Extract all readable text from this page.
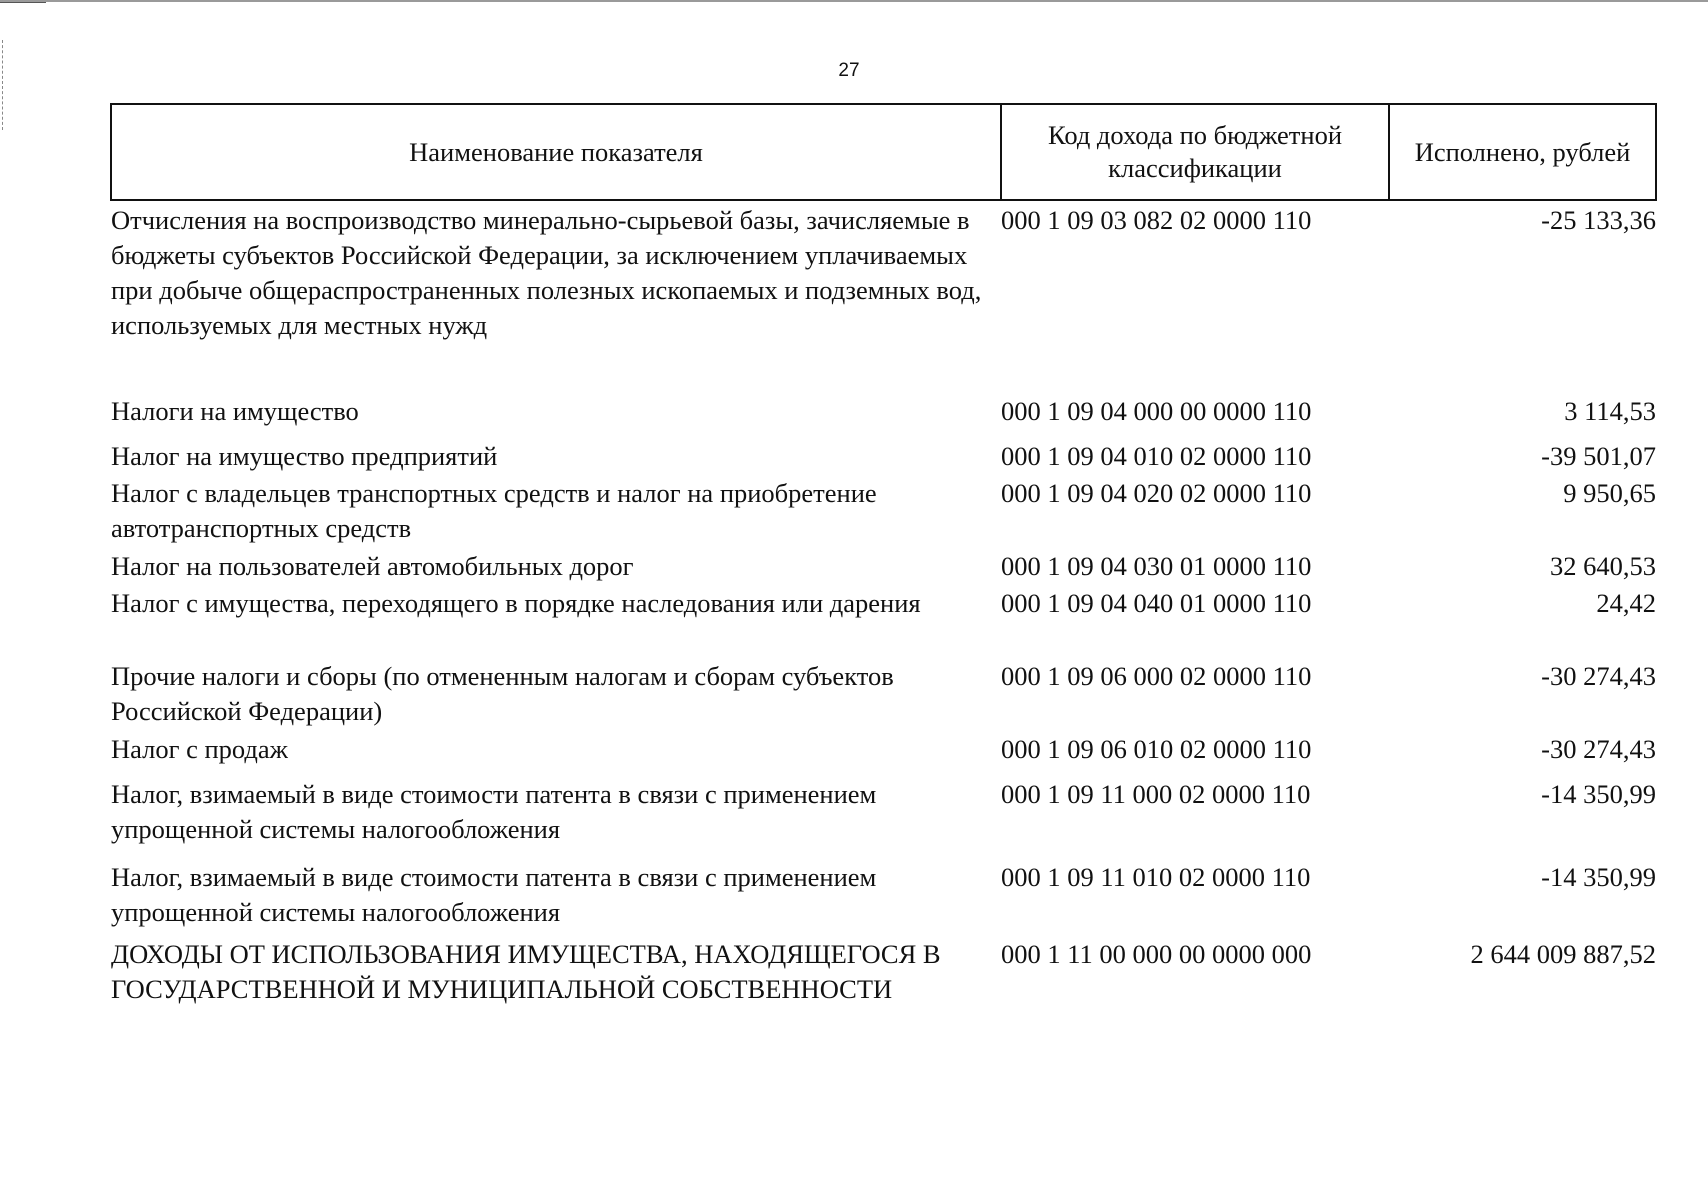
27
Наименование показателя	Код дохода по бюджетной классификации	Исполнено, рублей
Отчисления на воспроизводство минерально-сырьевой базы, зачисляемые в бюджеты субъектов Российской Федерации, за исключением уплачиваемых при добыче общераспространенных полезных ископаемых и подземных вод, используемых для местных нужд	000 1 09 03 082 02 0000 110	-25 133,36
Налоги на имущество	000 1 09 04 000 00 0000 110	3 114,53
Налог на имущество предприятий	000 1 09 04 010 02 0000 110	-39 501,07
Налог с владельцев транспортных средств и налог на приобретение автотранспортных средств	000 1 09 04 020 02 0000 110	9 950,65
Налог на пользователей автомобильных дорог	000 1 09 04 030 01 0000 110	32 640,53
Налог с имущества, переходящего в порядке наследования или дарения	000 1 09 04 040 01 0000 110	24,42
Прочие налоги и сборы (по отмененным налогам и сборам субъектов Российской Федерации)	000 1 09 06 000 02 0000 110	-30 274,43
Налог с продаж	000 1 09 06 010 02 0000 110	-30 274,43
Налог, взимаемый в виде стоимости патента в связи с применением упрощенной системы налогообложения	000 1 09 11 000 02 0000 110	-14 350,99
Налог, взимаемый в виде стоимости патента в связи с применением упрощенной системы налогообложения	000 1 09 11 010 02 0000 110	-14 350,99
ДОХОДЫ ОТ ИСПОЛЬЗОВАНИЯ ИМУЩЕСТВА, НАХОДЯЩЕГОСЯ В ГОСУДАРСТВЕННОЙ И МУНИЦИПАЛЬНОЙ СОБСТВЕННОСТИ	000 1 11 00 000 00 0000 000	2 644 009 887,52
